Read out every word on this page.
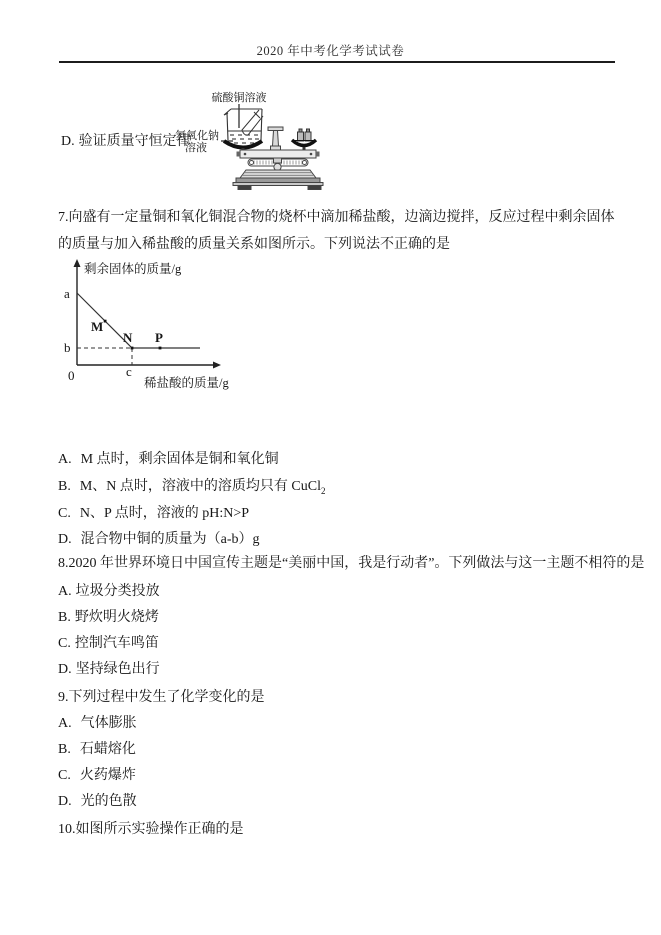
2020 年中考化学考试试卷
D. 验证质量守恒定律
硫酸铜溶液
氢氧化钠
溶液
7.向盛有一定量铜和氧化铜混合物的烧杯中滴加稀盐酸，边滴边搅拌，反应过程中剩余固体的质量与加入稀盐酸的质量关系如图所示。下列说法不正确的是
a
b
0	c
M
N P
剩余固体的质量/g
稀盐酸的质量/g
A. M 点时，剩余固体是铜和氧化铜
B. M、N 点时，溶液中的溶质均只有 CuCl$_2$
C. N、P 点时，溶液的 pH:N>P
D. 混合物中铜的质量为（a-b）g
8.2020 年世界环境日中国宣传主题是“美丽中国，我是行动者”。下列做法与这一主题不相符的是
A. 垃圾分类投放
B. 野炊明火烧烤
C. 控制汽车鸣笛
D. 坚持绿色出行
9.下列过程中发生了化学变化的是
A. 气体膨胀
B. 石蜡熔化
C. 火药爆炸
D. 光的色散
10.如图所示实验操作正确的是
